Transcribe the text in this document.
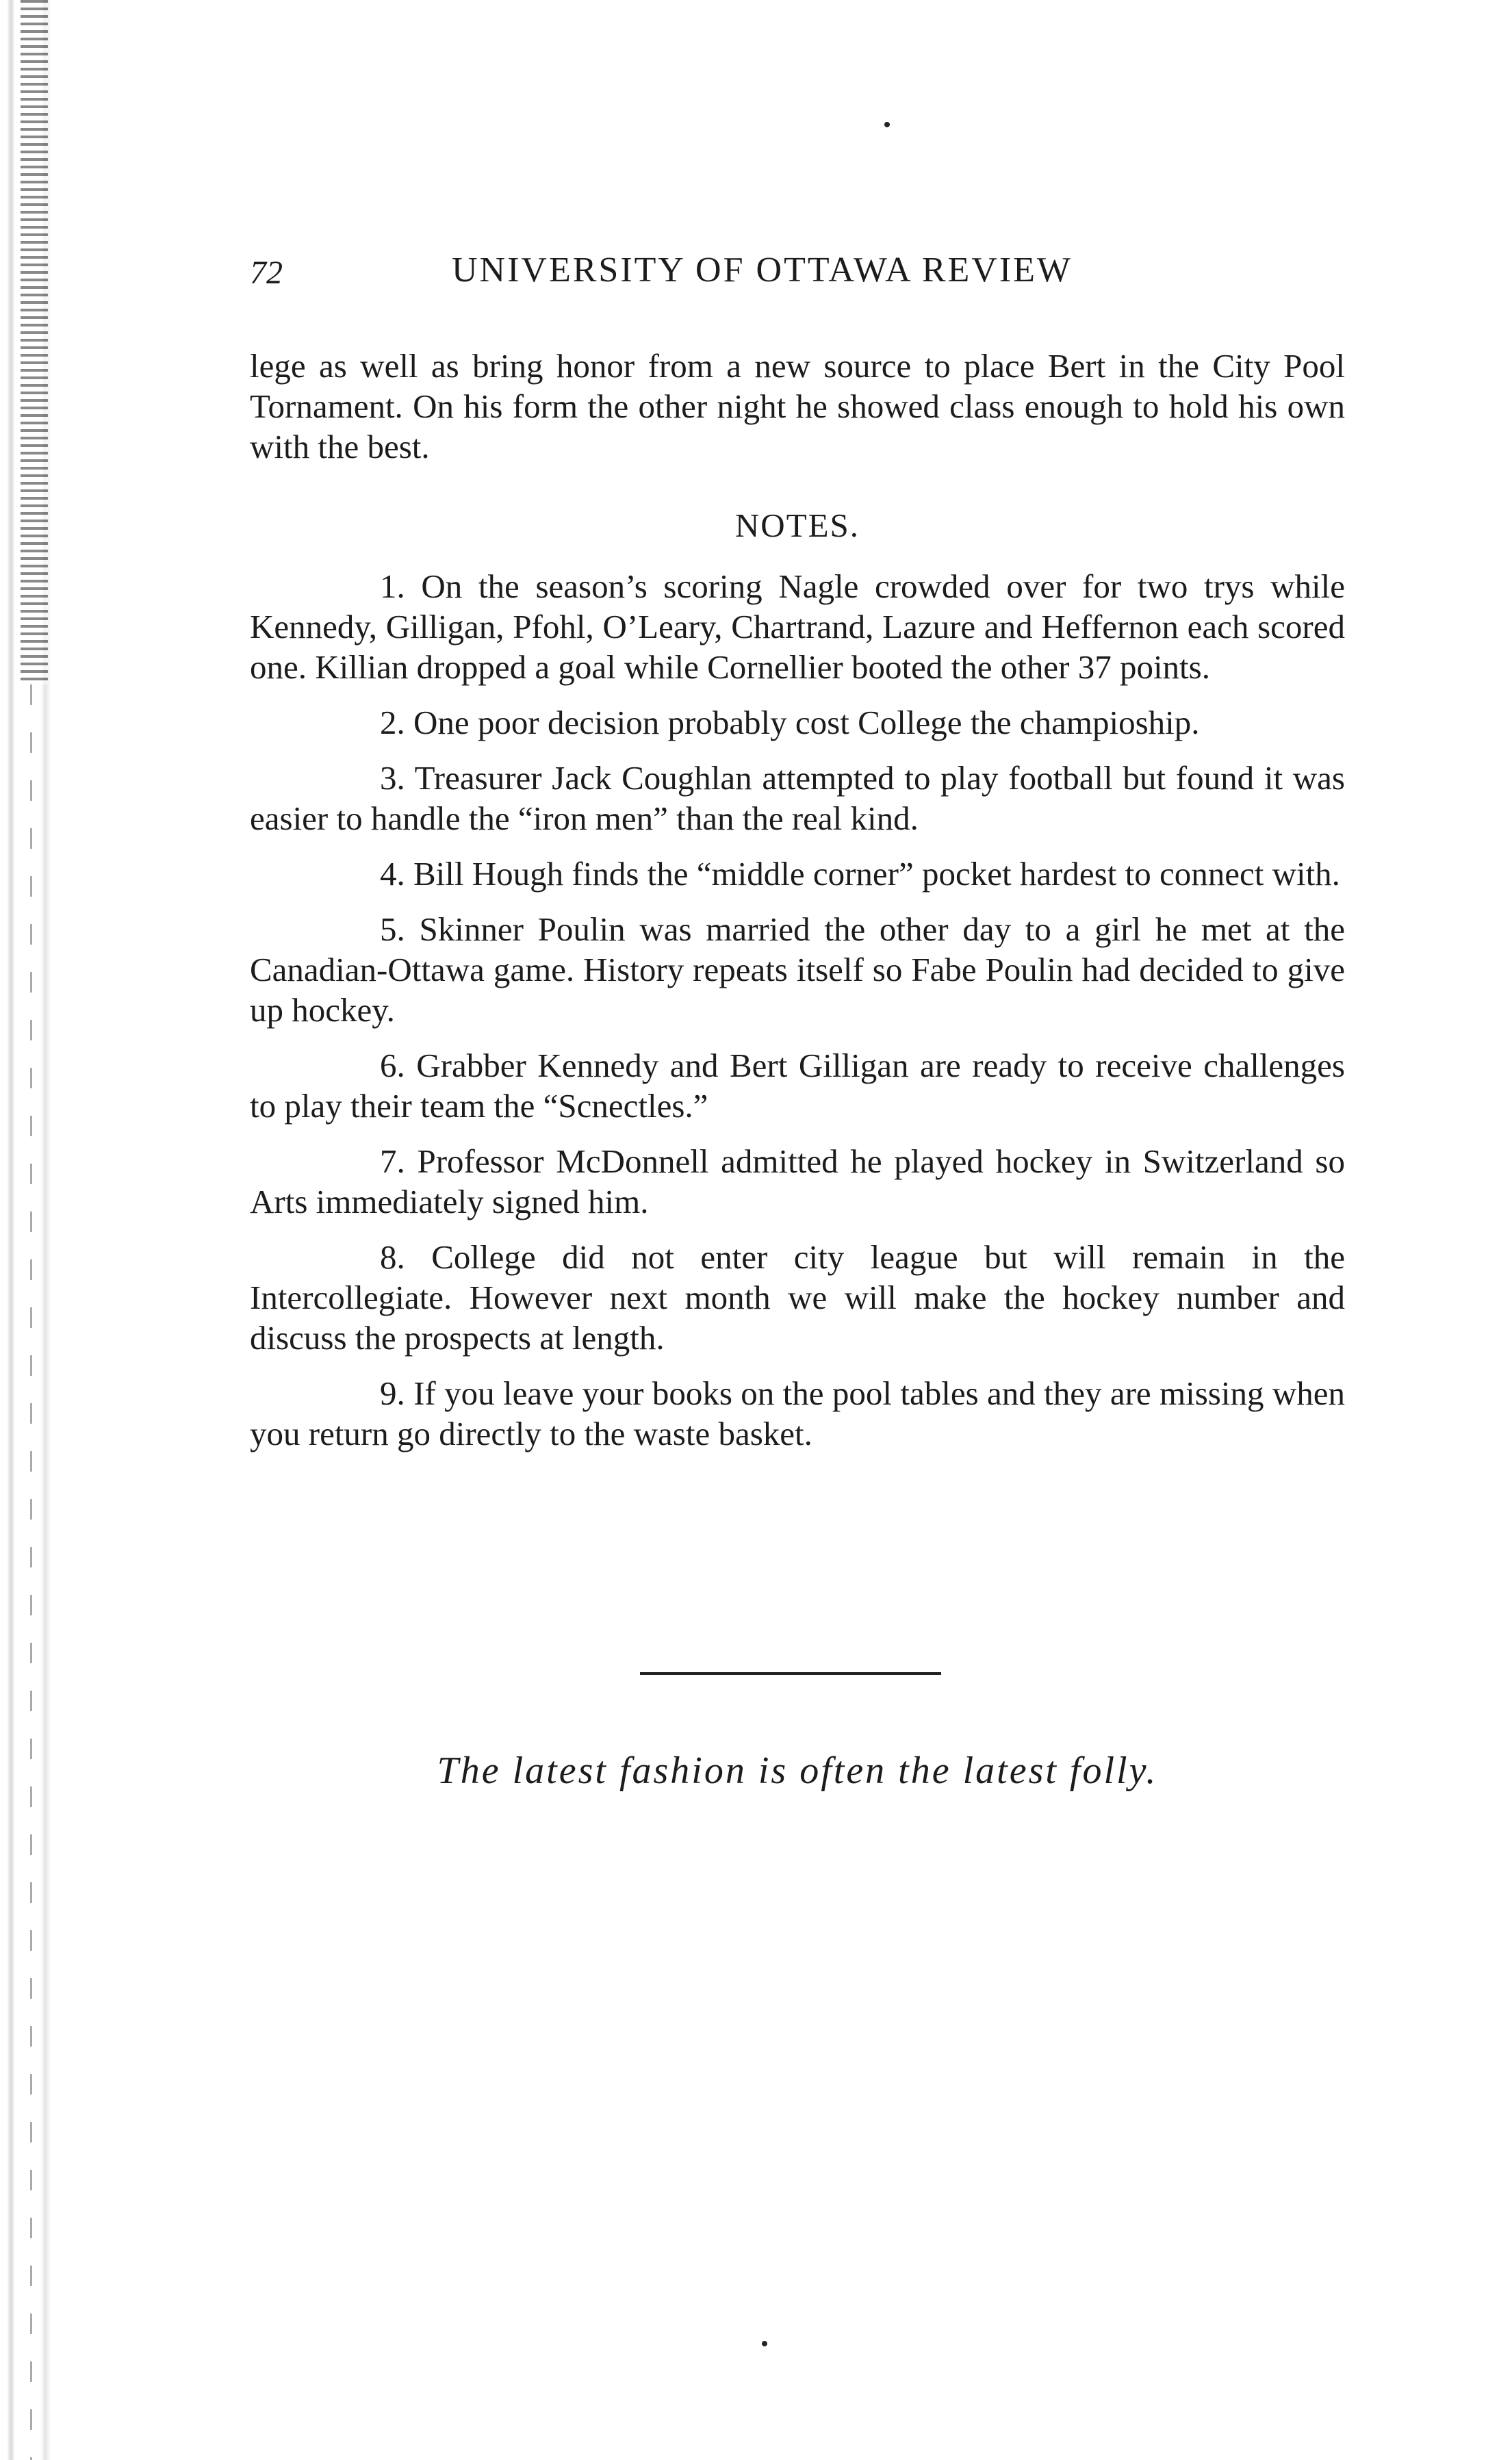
72	UNIVERSITY OF OTTAWA REVIEW

lege as well as bring honor from a new source to place Bert in the City Pool Tornament. On his form the other night he showed class enough to hold his own with the best.

NOTES.

1. On the season’s scoring Nagle crowded over for two trys while Kennedy, Gilligan, Pfohl, O’Leary, Chartrand, Lazure and Heffernon each scored one. Killian dropped a goal while Cornellier booted the other 37 points.

2. One poor decision probably cost College the champioship.

3. Treasurer Jack Coughlan attempted to play football but found it was easier to handle the “iron men” than the real kind.

4. Bill Hough finds the “middle corner” pocket hardest to connect with.

5. Skinner Poulin was married the other day to a girl he met at the Canadian-Ottawa game. History repeats itself so Fabe Poulin had decided to give up hockey.

6. Grabber Kennedy and Bert Gilligan are ready to receive challenges to play their team the “Scnectles.”

7. Professor McDonnell admitted he played hockey in Switzerland so Arts immediately signed him.

8. College did not enter city league but will remain in the Intercollegiate. However next month we will make the hockey number and discuss the prospects at length.

9. If you leave your books on the pool tables and they are missing when you return go directly to the waste basket.

The latest fashion is often the latest folly.
